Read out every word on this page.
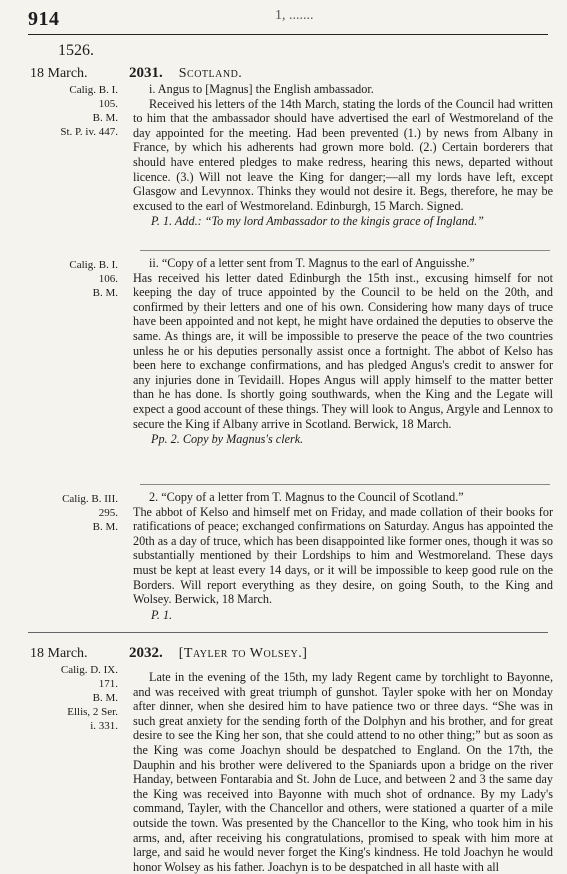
914	1, .......
1526.
18 March.	2031. Scotland.
Calig. B. I.
105.
B. M.
St. P. iv. 447.

i. Angus to [Magnus] the English ambassador.

Received his letters of the 14th March, stating the lords of the Council had written to him that the ambassador should have advertised the earl of Westmoreland of the day appointed for the meeting. Had been prevented (1.) by news from Albany in France, by which his adherents had grown more bold. (2.) Certain borderers that should have entered pledges to make redress, hearing this news, departed without licence. (3.) Will not leave the King for danger;—all my lords have left, except Glasgow and Levynnox. Thinks they would not desire it. Begs, therefore, he may be excused to the earl of Westmoreland. Edinburgh, 15 March. Signed.

P. 1. Add.: “To my lord Ambassador to the kingis grace of Ingland.”

Calig. B. I.
106.
B. M.

ii. “Copy of a letter sent from T. Magnus to the earl of Anguisshe.”

Has received his letter dated Edinburgh the 15th inst., excusing himself for not keeping the day of truce appointed by the Council to be held on the 20th, and confirmed by their letters and one of his own. Considering how many days of truce have been appointed and not kept, he might have ordained the deputies to observe the same. As things are, it will be impossible to preserve the peace of the two countries unless he or his deputies personally assist once a fortnight. The abbot of Kelso has been here to exchange confirmations, and has pledged Angus's credit to answer for any injuries done in Tevidaill. Hopes Angus will apply himself to the matter better than he has done. Is shortly going southwards, when the King and the Legate will expect a good account of these things. They will look to Angus, Argyle and Lennox to secure the King if Albany arrive in Scotland. Berwick, 18 March.

Pp. 2. Copy by Magnus's clerk.

Calig. B. III.
295.
B. M.

2. “Copy of a letter from T. Magnus to the Council of Scotland.”

The abbot of Kelso and himself met on Friday, and made collation of their books for ratifications of peace; exchanged confirmations on Saturday. Angus has appointed the 20th as a day of truce, which has been disappointed like former ones, though it was so substantially mentioned by their Lordships to him and Westmoreland. These days must be kept at least every 14 days, or it will be impossible to keep good rule on the Borders. Will report everything as they desire, on going South, to the King and Wolsey. Berwick, 18 March.

P. 1.

18 March.	2032. [Tayler to Wolsey.]
Calig. D. IX.
171.
B. M.
Ellis, 2 Ser.
i. 331.

Late in the evening of the 15th, my lady Regent came by torchlight to Bayonne, and was received with great triumph of gunshot. Tayler spoke with her on Monday after dinner, when she desired him to have patience two or three days. “She was in such great anxiety for the sending forth of the Dolphyn and his brother, and for great desire to see the King her son, that she could attend to no other thing;” but as soon as the King was come Joachyn should be despatched to England. On the 17th, the Dauphin and his brother were delivered to the Spaniards upon a bridge on the river Handay, between Fontarabia and St. John de Luce, and between 2 and 3 the same day the King was received into Bayonne with much shot of ordnance. By my Lady's command, Tayler, with the Chancellor and others, were stationed a quarter of a mile outside the town. Was presented by the Chancellor to the King, who took him in his arms, and, after receiving his congratulations, promised to speak with him more at large, and said he would never forget the King's kindness. He told Joachyn he would honor Wolsey as his father. Joachyn is to be despatched in all haste with all
